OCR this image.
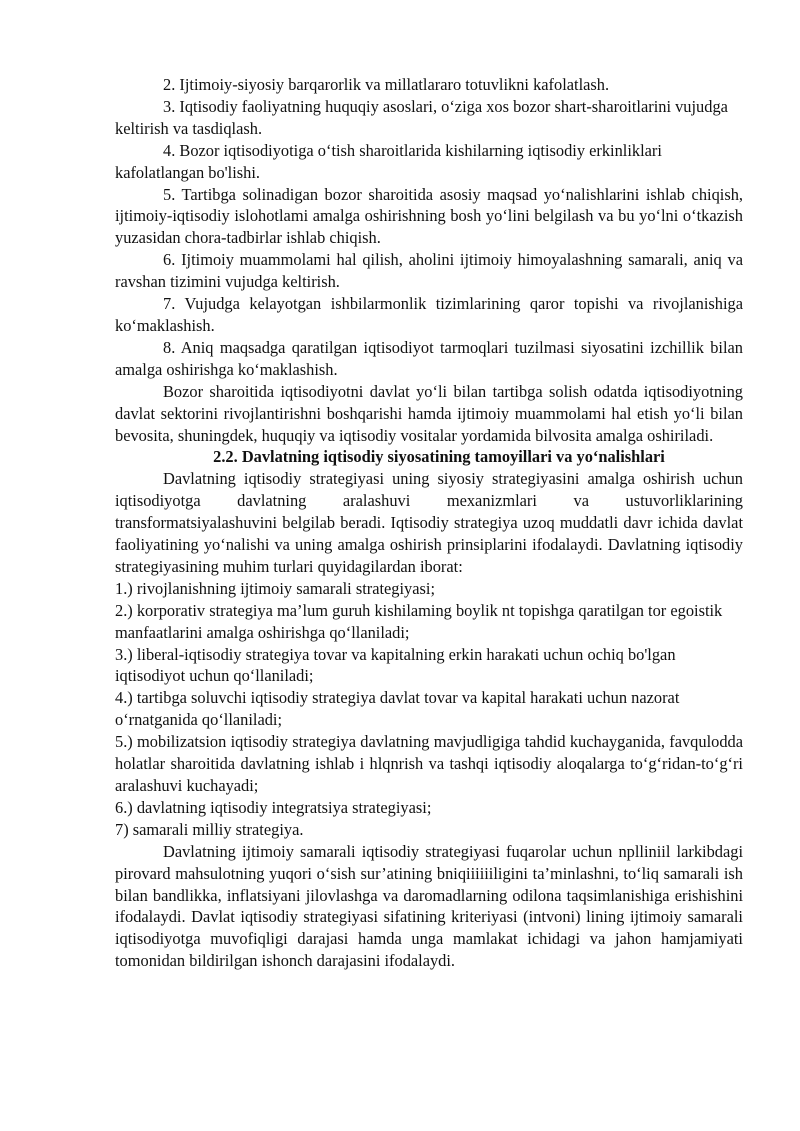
2. Ijtimoiy-siyosiy barqarorlik va millatlararo totuvlikni kafolatlash.

3. Iqtisodiy faoliyatning huquqiy asoslari, o‘ziga xos bozor shart-sharoitlarini vujudga keltirish va tasdiqlash.

4. Bozor iqtisodiyotiga o‘tish sharoitlarida kishilarning iqtisodiy erkinliklari kafolatlangan bo'lishi.

5. Tartibga solinadigan bozor sharoitida asosiy maqsad yo‘nalishlarini ishlab chiqish, ijtimoiy-iqtisodiy islohotlami amalga oshirishning bosh yo‘lini belgilash va bu yo‘lni o‘tkazish yuzasidan chora-tadbirlar ishlab chiqish.

6. Ijtimoiy muammolami hal qilish, aholini ijtimoiy himoyalashning samarali, aniq va ravshan tizimini vujudga keltirish.

7. Vujudga kelayotgan ishbilarmonlik tizimlarining qaror topishi va rivojlanishiga ko‘maklashish.

8. Aniq maqsadga qaratilgan iqtisodiyot tarmoqlari tuzilmasi siyosatini izchillik bilan amalga oshirishga ko‘maklashish.

Bozor sharoitida iqtisodiyotni davlat yo‘li bilan tartibga solish odatda iqtisodiyotning davlat sektorini rivojlantirishni boshqarishi hamda ijtimoiy muammolami hal etish yo‘li bilan bevosita, shuningdek, huquqiy va iqtisodiy vositalar yordamida bilvosita amalga oshiriladi.

2.2. Davlatning iqtisodiy siyosatining tamoyillari va yo‘nalishlari

Davlatning iqtisodiy strategiyasi uning siyosiy strategiyasini amalga oshirish uchun iqtisodiyotga davlatning aralashuvi mexanizmlari va ustuvorliklarining transformatsiyalashuvini belgilab beradi. Iqtisodiy strategiya uzoq muddatli davr ichida davlat faoliyatining yo‘nalishi va uning amalga oshirish prinsiplarini ifodalaydi. Davlatning iqtisodiy strategiyasining muhim turlari quyidagilardan iborat:

1.) rivojlanishning ijtimoiy samarali strategiyasi;

2.) korporativ strategiya ma’lum guruh kishilaming boylik nt topishga qaratilgan tor egoistik manfaatlarini amalga oshirishga qo‘llaniladi;

3.) liberal-iqtisodiy strategiya tovar va kapitalning erkin harakati uchun ochiq bo'lgan iqtisodiyot uchun qo‘llaniladi;

4.) tartibga soluvchi iqtisodiy strategiya davlat tovar va kapital harakati uchun nazorat o‘rnatganida qo‘llaniladi;

5.) mobilizatsion iqtisodiy strategiya davlatning mavjudligiga tahdid kuchayganida, favqulodda holatlar sharoitida davlatning ishlab i hlqnrish va tashqi iqtisodiy aloqalarga to‘g‘ridan-to‘g‘ri aralashuvi kuchayadi;

6.) davlatning iqtisodiy integratsiya strategiyasi;

7) samarali milliy strategiya.

Davlatning ijtimoiy samarali iqtisodiy strategiyasi fuqarolar uchun nplliniil larkibdagi pirovard mahsulotning yuqori o‘sish sur’atining bniqiiiiiiligini ta’minlashni, to‘liq samarali ish bilan bandlikka, inflatsiyani jilovlashga va daromadlarning odilona taqsimlanishiga erishishini ifodalaydi. Davlat iqtisodiy strategiyasi sifatining kriteriyasi (intvoni) lining ijtimoiy samarali iqtisodiyotga muvofiqligi darajasi hamda unga mamlakat ichidagi va jahon hamjamiyati tomonidan bildirilgan ishonch darajasini ifodalaydi.
